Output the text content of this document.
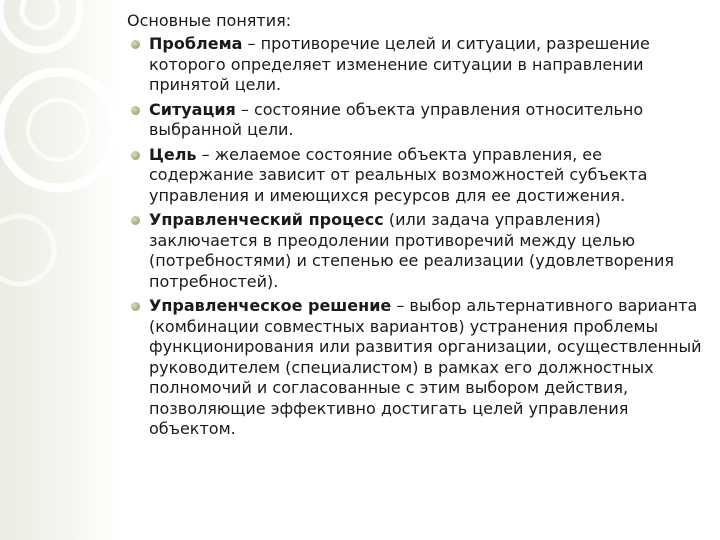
Основные понятия:
Проблема – противоречие целей и ситуации, разрешение которого определяет изменение ситуации в направлении принятой цели.
Ситуация – состояние объекта управления относительно выбранной цели.
Цель – желаемое состояние объекта управления, ее содержание зависит от реальных возможностей субъекта управления и имеющихся ресурсов для ее достижения.
Управленческий процесс (или задача управления) заключается в преодолении противоречий между целью (потребностями) и степенью ее реализации (удовлетворения потребностей).
Управленческое решение – выбор альтернативного варианта (комбинации совместных вариантов) устранения проблемы функционирования или развития организации, осуществленный руководителем (специалистом) в рамках его должностных полномочий и согласованные с этим выбором действия, позволяющие эффективно достигать целей управления объектом.
